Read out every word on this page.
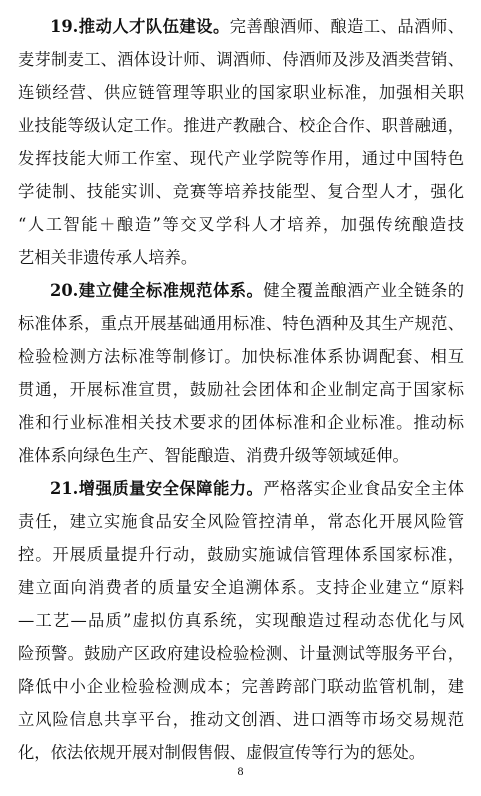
19.推动人才队伍建设。完善酿酒师、酿造工、品酒师、
麦芽制麦工、酒体设计师、调酒师、侍酒师及涉及酒类营销、
连锁经营、供应链管理等职业的国家职业标准，加强相关职
业技能等级认定工作。推进产教融合、校企合作、职普融通，
发挥技能大师工作室、现代产业学院等作用，通过中国特色
学徒制、技能实训、竞赛等培养技能型、复合型人才，强化
“人工智能＋酿造”等交叉学科人才培养，加强传统酿造技
艺相关非遗传承人培养。
20.建立健全标准规范体系。健全覆盖酿酒产业全链条的
标准体系，重点开展基础通用标准、特色酒种及其生产规范、
检验检测方法标准等制修订。加快标准体系协调配套、相互
贯通，开展标准宣贯，鼓励社会团体和企业制定高于国家标
准和行业标准相关技术要求的团体标准和企业标准。推动标
准体系向绿色生产、智能酿造、消费升级等领域延伸。
21.增强质量安全保障能力。严格落实企业食品安全主体
责任，建立实施食品安全风险管控清单，常态化开展风险管
控。开展质量提升行动，鼓励实施诚信管理体系国家标准，
建立面向消费者的质量安全追溯体系。支持企业建立“原料
—工艺—品质”虚拟仿真系统，实现酿造过程动态优化与风
险预警。鼓励产区政府建设检验检测、计量测试等服务平台，
降低中小企业检验检测成本；完善跨部门联动监管机制，建
立风险信息共享平台，推动文创酒、进口酒等市场交易规范
化，依法依规开展对制假售假、虚假宣传等行为的惩处。
8
